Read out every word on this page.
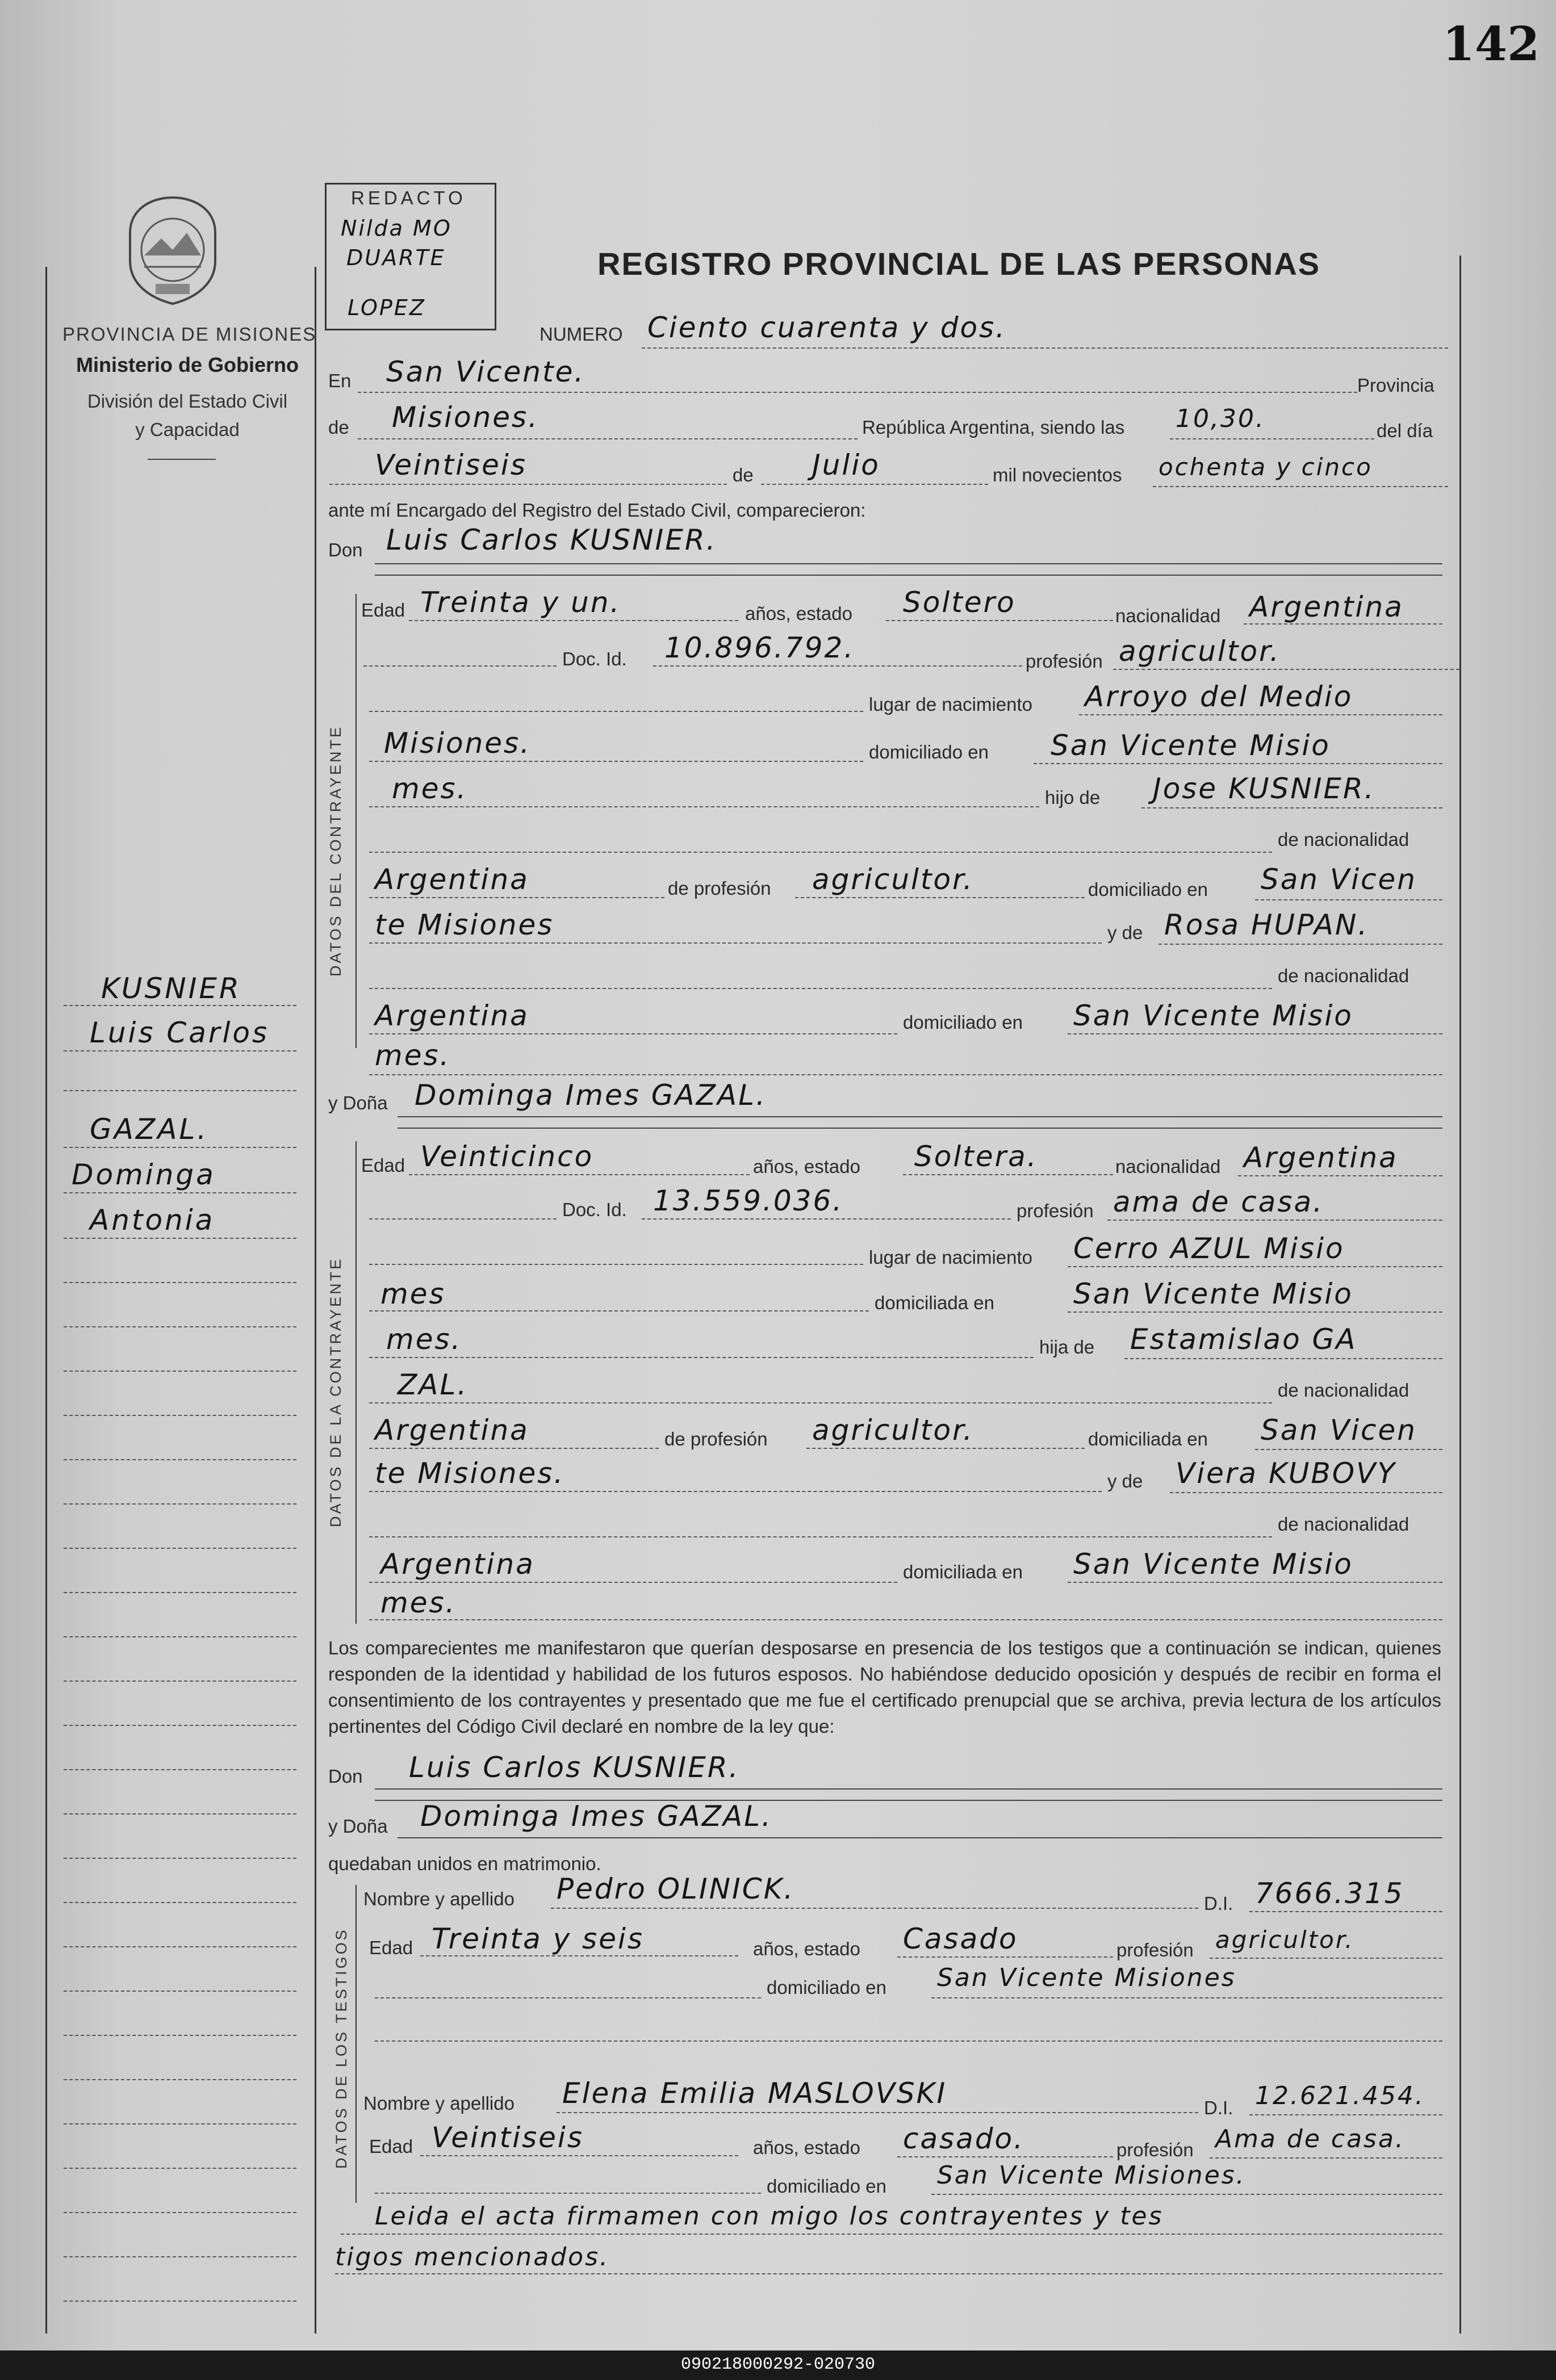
142
PROVINCIA DE MISIONES
Ministerio de Gobierno
División del Estado Civil
y Capacidad
REDACTO
Nilda MO
DUARTE
LOPEZ
REGISTRO PROVINCIAL DE LAS PERSONAS
NUMERO Ciento cuarenta y dos.
En San Vicente.	Provincia
de Misiones.	República Argentina, siendo las 10,30.	del día
Veintiseis	de Julio	mil novecientos ochenta y cinco
ante mí Encargado del Registro del Estado Civil, comparecieron:
Don Luis Carlos KUSNIER.
DATOS DEL CONTRAYENTE
Edad Treinta y un.	años, estado Soltero	nacionalidad Argentina
Doc. Id. 10.896.792.	profesión agricultor.
lugar de nacimiento Arroyo del Medio
Misiones.	domiciliado en San Vicente Misio
mes.	hijo de Jose KUSNIER.
de nacionalidad
Argentina	de profesión agricultor.	domiciliado en San Vicen
te Misiones	y de Rosa HUPAN.
de nacionalidad
Argentina	domiciliado en San Vicente Misio
mes.
y Doña Dominga Imes GAZAL.
DATOS DE LA CONTRAYENTE
Edad Veinticinco	años, estado Soltera.	nacionalidad Argentina
Doc. Id. 13.559.036.	profesión ama de casa.
lugar de nacimiento Cerro AZUL Misio
mes	domiciliada en	San Vicente Misio
mes.	hija de Estamislao GA
ZAL.	de nacionalidad
Argentina	de profesión agricultor.	domiciliada en San Vicen
te Misiones.	y de Viera KUBOVY
de nacionalidad
Argentina	domiciliada en San Vicente Misio
mes.
Los comparecientes me manifestaron que querían desposarse en presencia de los testigos que a continuación se indican, quienes responden de la identidad y habilidad de los futuros esposos. No habiéndose deducido oposición y después de recibir en forma el consentimiento de los contrayentes y presentado que me fue el certificado prenupcial que se archiva, previa lectura de los artículos pertinentes del Código Civil declaré en nombre de la ley que:
Don Luis Carlos KUSNIER.
y Doña Dominga Imes GAZAL.
quedaban unidos en matrimonio.
DATOS DE LOS TESTIGOS
Nombre y apellido Pedro OLINICK.	D.I. 7666.315
Edad Treinta y seis	años, estado Casado	profesión agricultor.
domiciliado en San Vicente Misiones
Nombre y apellido Elena Emilia MASLOVSKI	D.I. 12.621.454.
Edad Veintiseis	años, estado casado.	profesión Ama de casa.
domiciliado en San Vicente Misiones.
Leida el acta firmamen con migo los contrayentes y tes
tigos mencionados.
KUSNIER
Luis Carlos
GAZAL.
Dominga
Antonia
090218000292-020730
